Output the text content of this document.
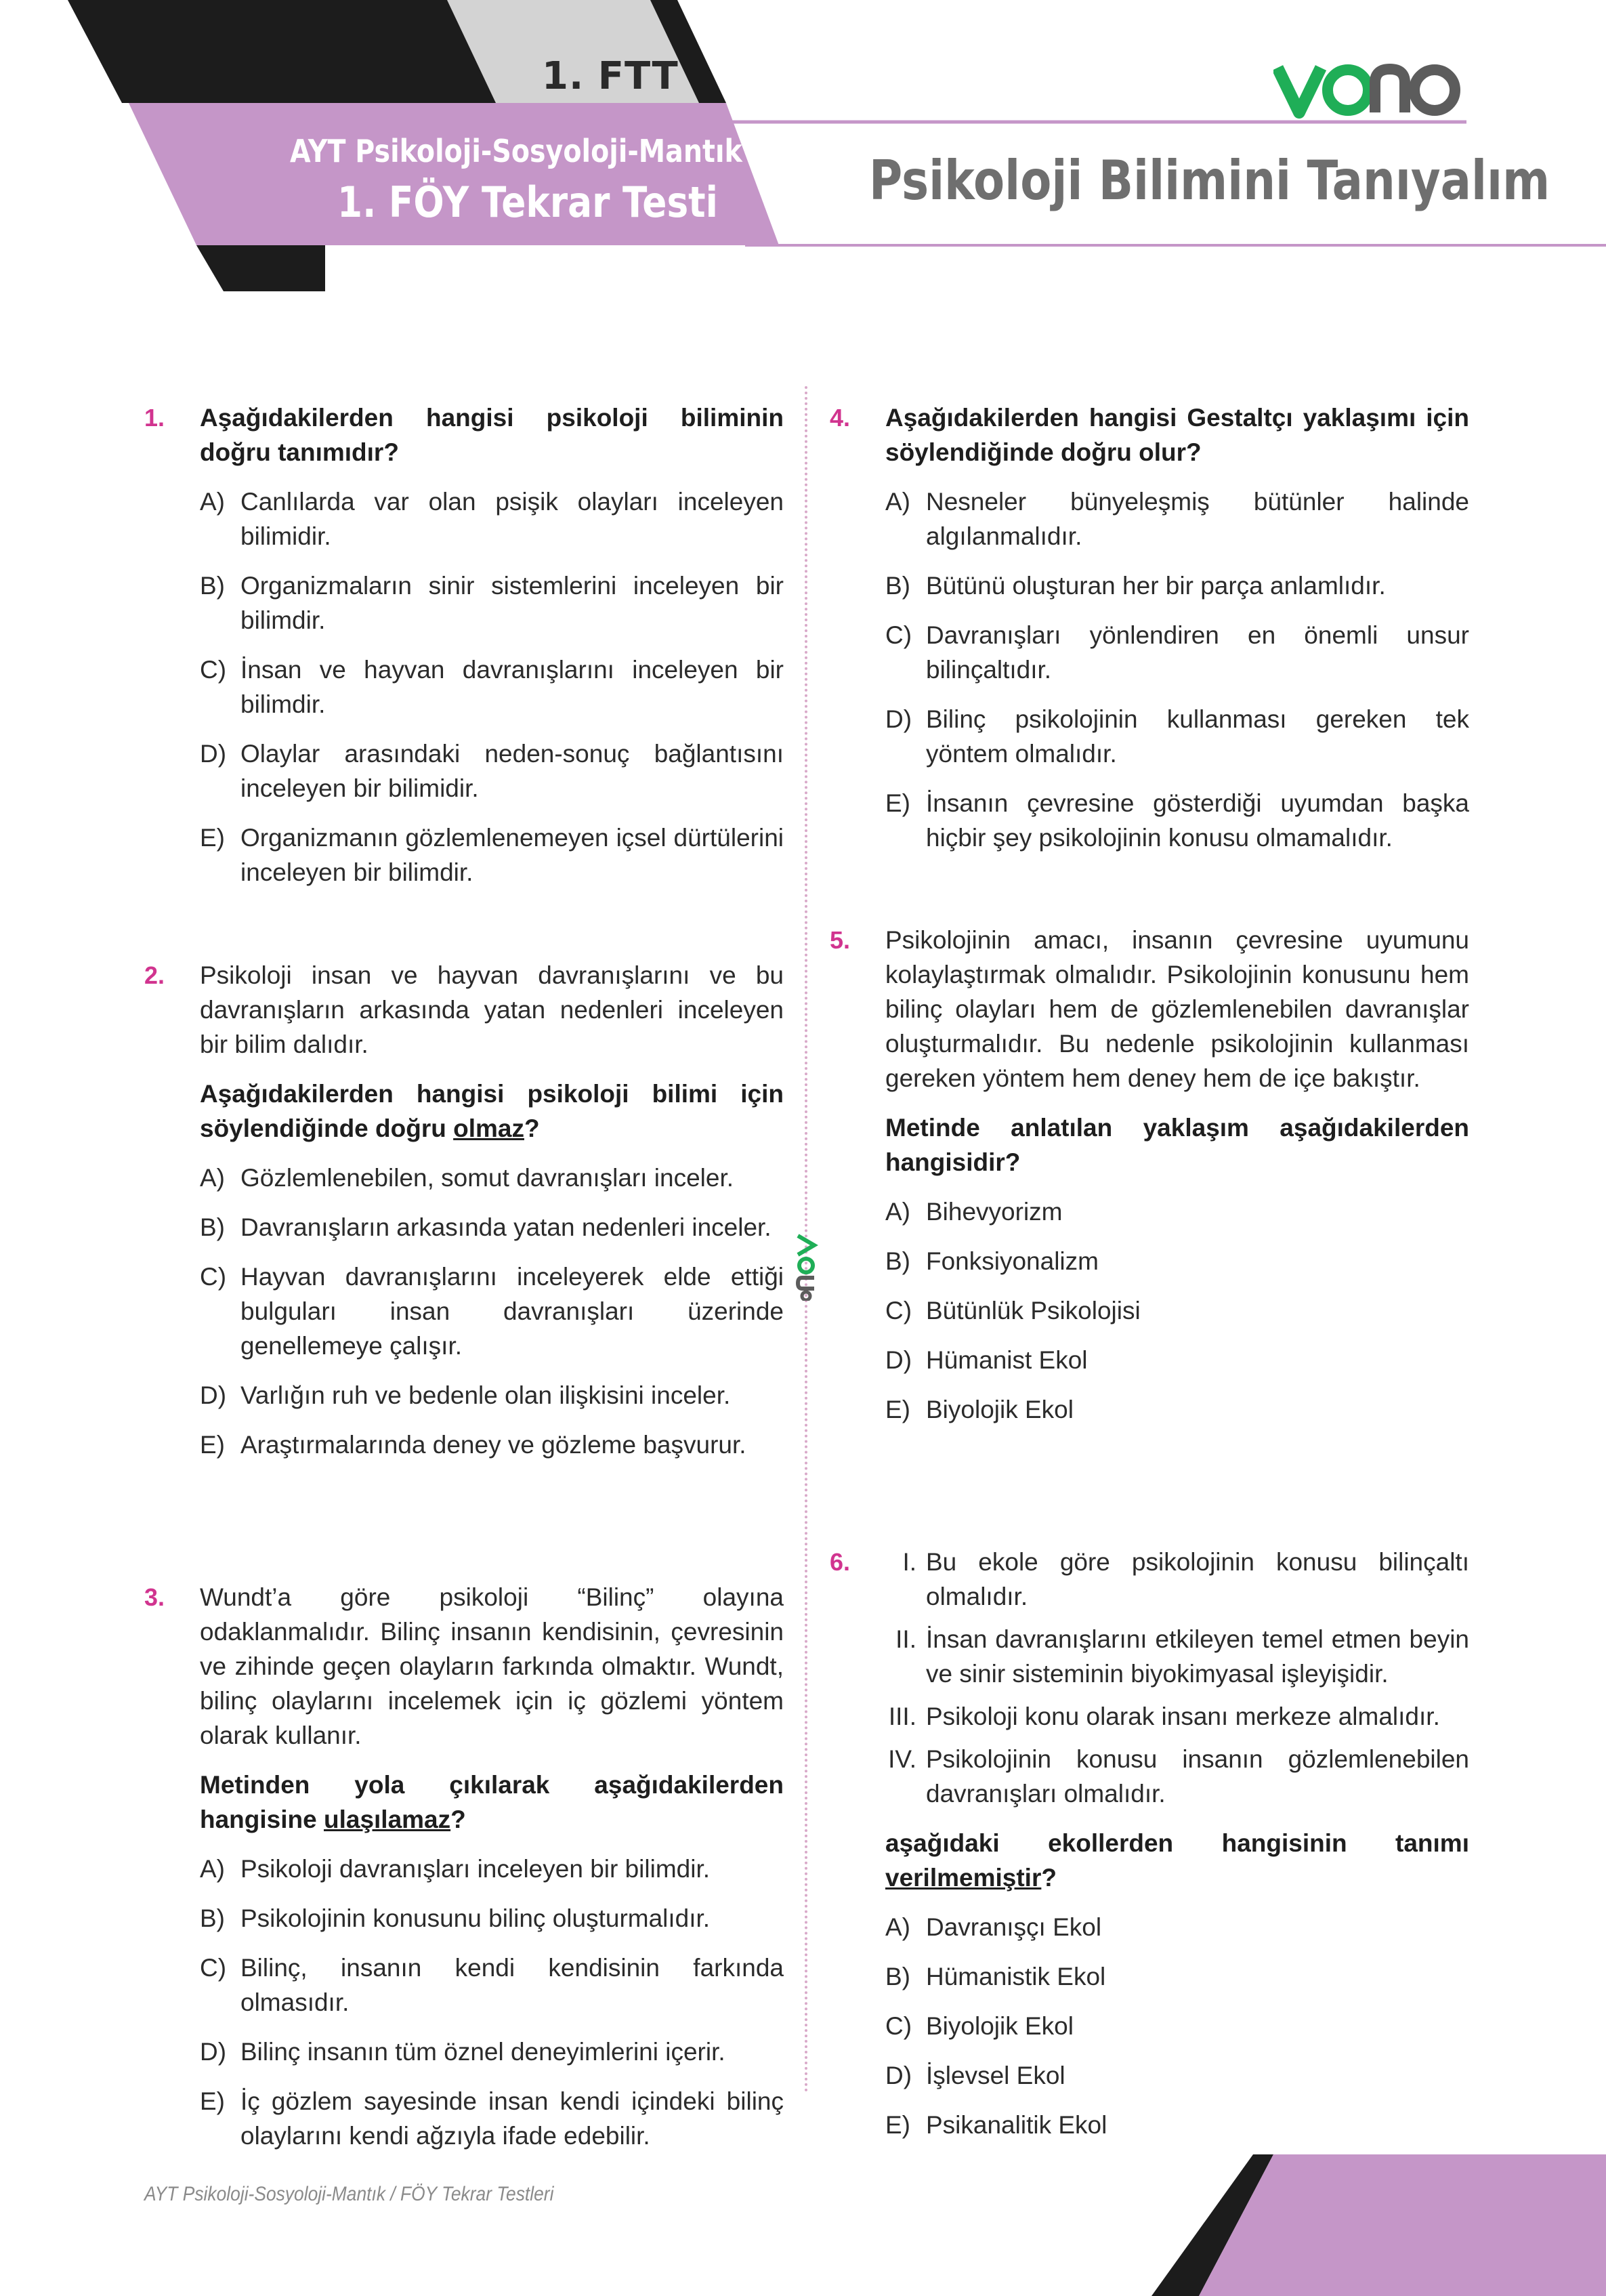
1. FTT
AYT Psikoloji-Sosyoloji-Mantık
1. FÖY Tekrar Testi	Psikoloji Bilimini Tanıyalım
VONO
1. Aşağıdakilerden hangisi psikoloji biliminin doğru tanımıdır?
A) Canlılarda var olan psişik olayları inceleyen bilimidir.
B) Organizmaların sinir sistemlerini inceleyen bir bilimdir.
C) İnsan ve hayvan davranışlarını inceleyen bir bilimdir.
D) Olaylar arasındaki neden-sonuç bağlantısını inceleyen bir bilimidir.
E) Organizmanın gözlemlenemeyen içsel dürtülerini inceleyen bir bilimdir.
2. Psikoloji insan ve hayvan davranışlarını ve bu davranışların arkasında yatan nedenleri inceleyen bir bilim dalıdır.
Aşağıdakilerden hangisi psikoloji bilimi için söylendiğinde doğru olmaz?
A) Gözlemlenebilen, somut davranışları inceler.
B) Davranışların arkasında yatan nedenleri inceler.
C) Hayvan davranışlarını inceleyerek elde ettiği bulguları insan davranışları üzerinde genellemeye çalışır.
D) Varlığın ruh ve bedenle olan ilişkisini inceler.
E) Araştırmalarında deney ve gözleme başvurur.
3. Wundt’a göre psikoloji “Bilinç” olayına odaklanmalıdır. Bilinç insanın kendisinin, çevresinin ve zihinde geçen olayların farkında olmaktır. Wundt, bilinç olaylarını incelemek için iç gözlemi yöntem olarak kullanır.
Metinden yola çıkılarak aşağıdakilerden hangisine ulaşılamaz?
A) Psikoloji davranışları inceleyen bir bilimdir.
B) Psikolojinin konusunu bilinç oluşturmalıdır.
C) Bilinç, insanın kendi kendisinin farkında olmasıdır.
D) Bilinç insanın tüm öznel deneyimlerini içerir.
E) İç gözlem sayesinde insan kendi içindeki bilinç olaylarını kendi ağzıyla ifade edebilir.
4. Aşağıdakilerden hangisi Gestaltçı yaklaşımı için söylendiğinde doğru olur?
A) Nesneler bünyeleşmiş bütünler halinde algılanmalıdır.
B) Bütünü oluşturan her bir parça anlamlıdır.
C) Davranışları yönlendiren en önemli unsur bilinçaltıdır.
D) Bilinç psikolojinin kullanması gereken tek yöntem olmalıdır.
E) İnsanın çevresine gösterdiği uyumdan başka hiçbir şey psikolojinin konusu olmamalıdır.
5. Psikolojinin amacı, insanın çevresine uyumunu kolaylaştırmak olmalıdır. Psikolojinin konusunu hem bilinç olayları hem de gözlemlenebilen davranışlar oluşturmalıdır. Bu nedenle psikolojinin kullanması gereken yöntem hem deney hem de içe bakıştır.
Metinde anlatılan yaklaşım aşağıdakilerden hangisidir?
A) Bihevyorizm
B) Fonksiyonalizm
C) Bütünlük Psikolojisi
D) Hümanist Ekol
E) Biyolojik Ekol
6.	I. Bu ekole göre psikolojinin konusu bilinçaltı olmalıdır.
II. İnsan davranışlarını etkileyen temel etmen beyin ve sinir sisteminin biyokimyasal işleyişidir.
III. Psikoloji konu olarak insanı merkeze almalıdır.
IV. Psikolojinin konusu insanın gözlemlenebilen davranışları olmalıdır.
aşağıdaki ekollerden hangisinin tanımı verilmemiştir?
A) Davranışçı Ekol
B) Hümanistik Ekol
C) Biyolojik Ekol
D) İşlevsel Ekol
E) Psikanalitik Ekol
AYT Psikoloji-Sosyoloji-Mantık / FÖY Tekrar Testleri
